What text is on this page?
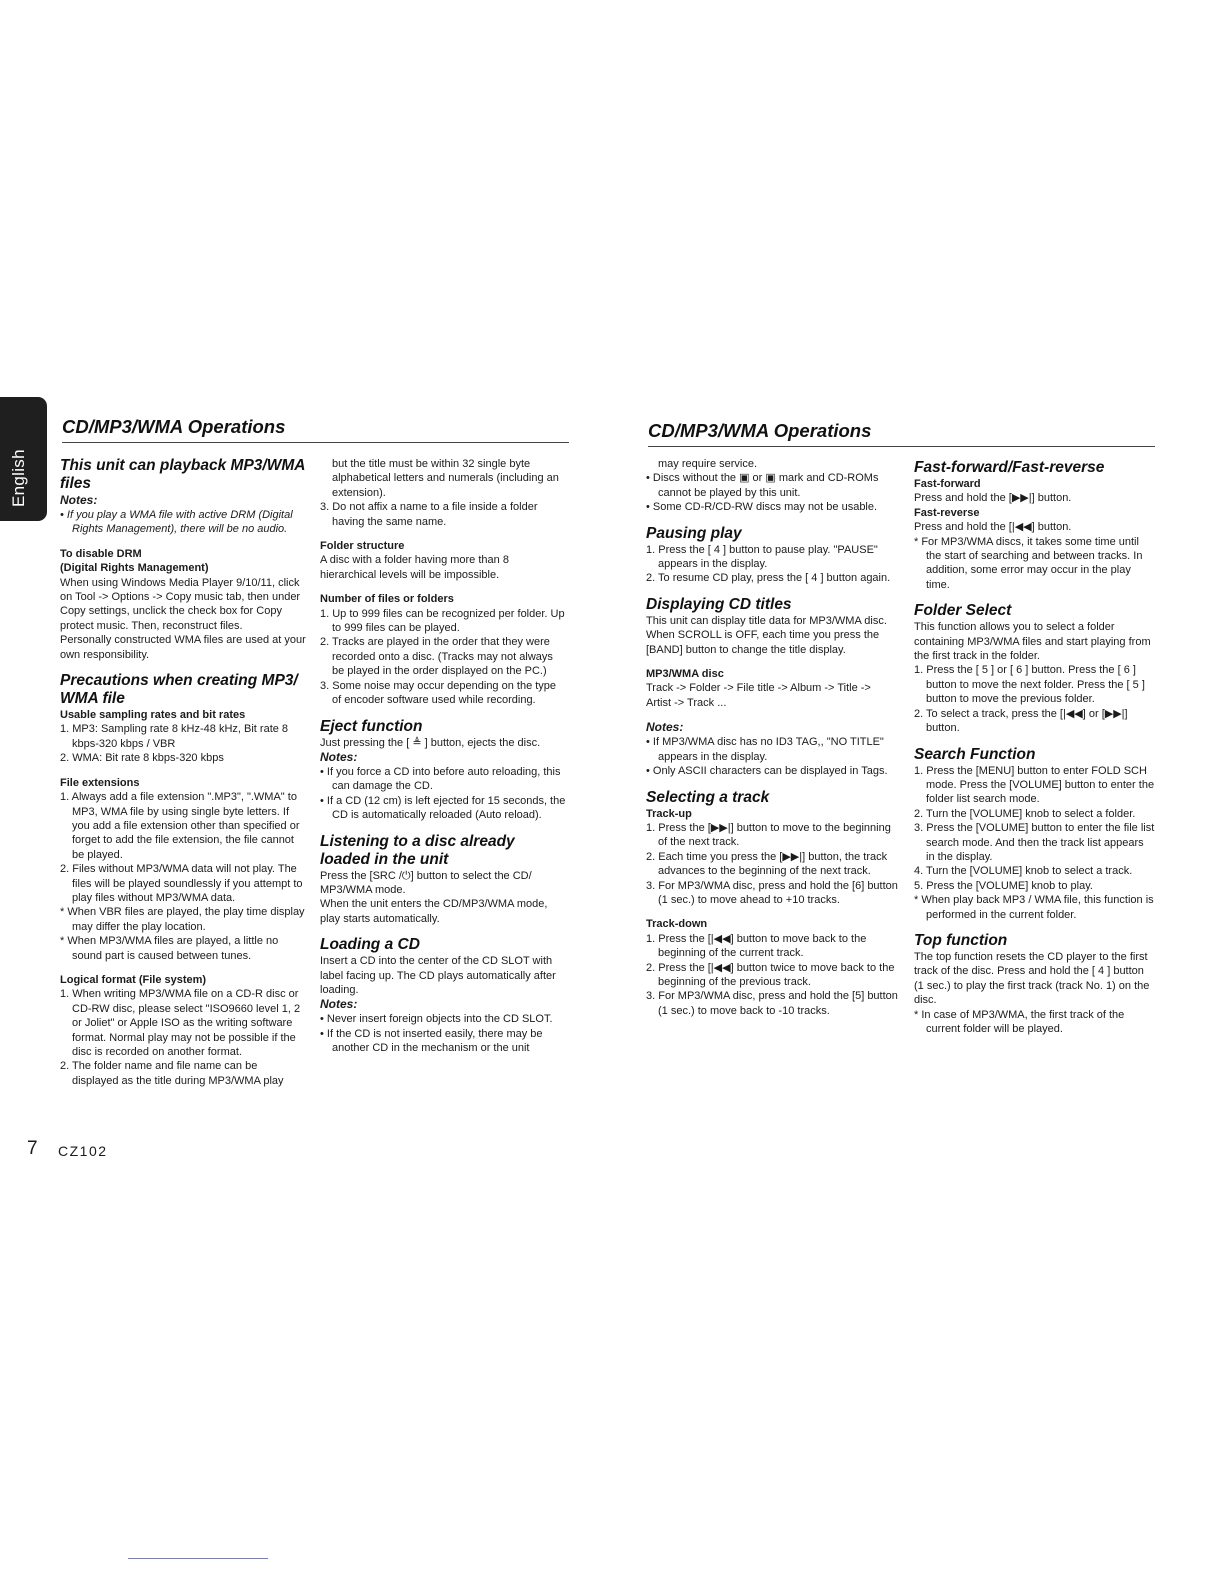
English
CD/MP3/WMA Operations	CD/MP3/WMA Operations
This unit can playback MP3/WMA files
Notes:

• If you play a WMA file with active DRM (Digital Rights Management), there will be no audio.

To disable DRM

(Digital Rights Management)

When using Windows Media Player 9/10/11, click on Tool -> Options -> Copy music tab, then under Copy settings, unclick the check box for Copy protect music. Then, reconstruct files.

Personally constructed WMA files are used at your own responsibility.

Precautions when creating MP3/ WMA file

Usable sampling rates and bit rates

1. MP3: Sampling rate 8 kHz-48 kHz, Bit rate 8 kbps-320 kbps / VBR

2. WMA: Bit rate 8 kbps-320 kbps

File extensions

1. Always add a file extension ".MP3", ".WMA" to MP3, WMA file by using single byte letters. If you add a file extension other than specified or forget to add the file extension, the file cannot be played.

2. Files without MP3/WMA data will not play. The files will be played soundlessly if you attempt to play files without MP3/WMA data.

* When VBR files are played, the play time display may differ the play location.

* When MP3/WMA files are played, a little no sound part is caused between tunes.

Logical format (File system)

1. When writing MP3/WMA file on a CD-R disc or CD-RW disc, please select "ISO9660 level 1, 2 or Joliet" or Apple ISO as the writing software format. Normal play may not be possible if the disc is recorded on another format.

2. The folder name and file name can be displayed as the title during MP3/WMA play

but the title must be within 32 single byte alphabetical letters and numerals (including an extension).

3. Do not affix a name to a file inside a folder having the same name.

Folder structure

A disc with a folder having more than 8 hierarchical levels will be impossible.

Number of files or folders

1. Up to 999 files can be recognized per folder. Up to 999 files can be played.

2. Tracks are played in the order that they were recorded onto a disc. (Tracks may not always be played in the order displayed on the PC.)

3. Some noise may occur depending on the type of encoder software used while recording.

Eject function

Just pressing the [ ≜ ] button, ejects the disc.

Notes:

• If you force a CD into before auto reloading, this can damage the CD.

• If a CD (12 cm) is left ejected for 15 seconds, the CD is automatically reloaded (Auto reload).

Listening to a disc already loaded in the unit

Press the [SRC /⏻] button to select the CD/ MP3/WMA mode.

When the unit enters the CD/MP3/WMA mode, play starts automatically.

Loading a CD

Insert a CD into the center of the CD SLOT with label facing up. The CD plays automatically after loading.

Notes:

• Never insert foreign objects into the CD SLOT.

• If the CD is not inserted easily, there may be another CD in the mechanism or the unit

may require service.

• Discs without the ▣ or ▣ mark and CD-ROMs cannot be played by this unit.

• Some CD-R/CD-RW discs may not be usable.

Pausing play

1. Press the [ 4 ] button to pause play. "PAUSE" appears in the display.

2. To resume CD play, press the [ 4 ] button again.

Displaying CD titles

This unit can display title data for MP3/WMA disc.

When SCROLL is OFF, each time you press the [BAND] button to change the title display.

MP3/WMA disc

Track -> Folder -> File title -> Album -> Title -> Artist -> Track ...

Notes:

• If MP3/WMA disc has no ID3 TAG,, "NO TITLE" appears in the display.

• Only ASCII characters can be displayed in Tags.

Selecting a track

Track-up

1. Press the [▶▶|] button to move to the beginning of the next track.

2. Each time you press the [▶▶|] button, the track advances to the beginning of the next track.

3. For MP3/WMA disc, press and hold the [6] button (1 sec.) to move ahead to +10 tracks.

Track-down

1. Press the [|◀◀] button to move back to the beginning of the current track.

2. Press the [|◀◀] button twice to move back to the beginning of the previous track.

3. For MP3/WMA disc, press and hold the [5] button (1 sec.) to move back to -10 tracks.

Fast-forward/Fast-reverse

Fast-forward

Press and hold the [▶▶|] button.

Fast-reverse

Press and hold the [|◀◀] button.

* For MP3/WMA discs, it takes some time until the start of searching and between tracks. In addition, some error may occur in the play time.

Folder Select

This function allows you to select a folder containing MP3/WMA files and start playing from the first track in the folder.

1. Press the [ 5 ] or [ 6 ] button. Press the [ 6 ] button to move the next folder. Press the [ 5 ] button to move the previous folder.

2. To select a track, press the [|◀◀] or [▶▶|] button.

Search Function

1. Press the [MENU] button to enter FOLD SCH mode. Press the [VOLUME] button to enter the folder list search mode.

2. Turn the [VOLUME] knob to select a folder.

3. Press the [VOLUME] button to enter the file list search mode. And then the track list appears in the display.

4. Turn the [VOLUME] knob to select a track.

5. Press the [VOLUME] knob to play.

* When play back MP3 / WMA file, this function is performed in the current folder.

Top function

The top function resets the CD player to the first track of the disc. Press and hold the [ 4 ] button (1 sec.) to play the first track (track No. 1) on the disc.

* In case of MP3/WMA, the first track of the current folder will be played.

7 CZ102
